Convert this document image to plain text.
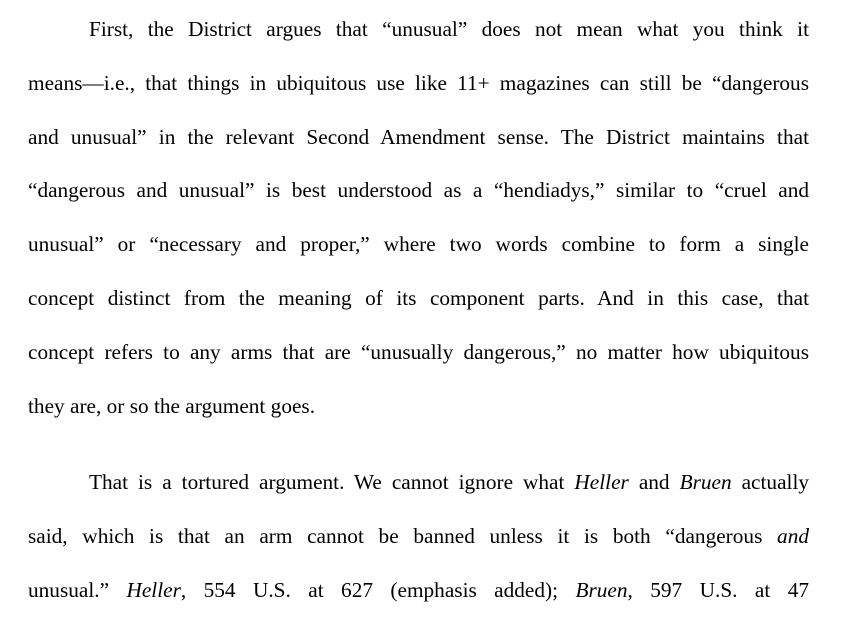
First, the District argues that “unusual” does not mean what you think it
means—i.e., that things in ubiquitous use like 11+ magazines can still be “dangerous
and unusual” in the relevant Second Amendment sense. The District maintains that
“dangerous and unusual” is best understood as a “hendiadys,” similar to “cruel and
unusual” or “necessary and proper,” where two words combine to form a single
concept distinct from the meaning of its component parts. And in this case, that
concept refers to any arms that are “unusually dangerous,” no matter how ubiquitous
they are, or so the argument goes.

That is a tortured argument. We cannot ignore what Heller and Bruen actually
said, which is that an arm cannot be banned unless it is both “dangerous and
unusual.” Heller, 554 U.S. at 627 (emphasis added); Bruen, 597 U.S. at 47
